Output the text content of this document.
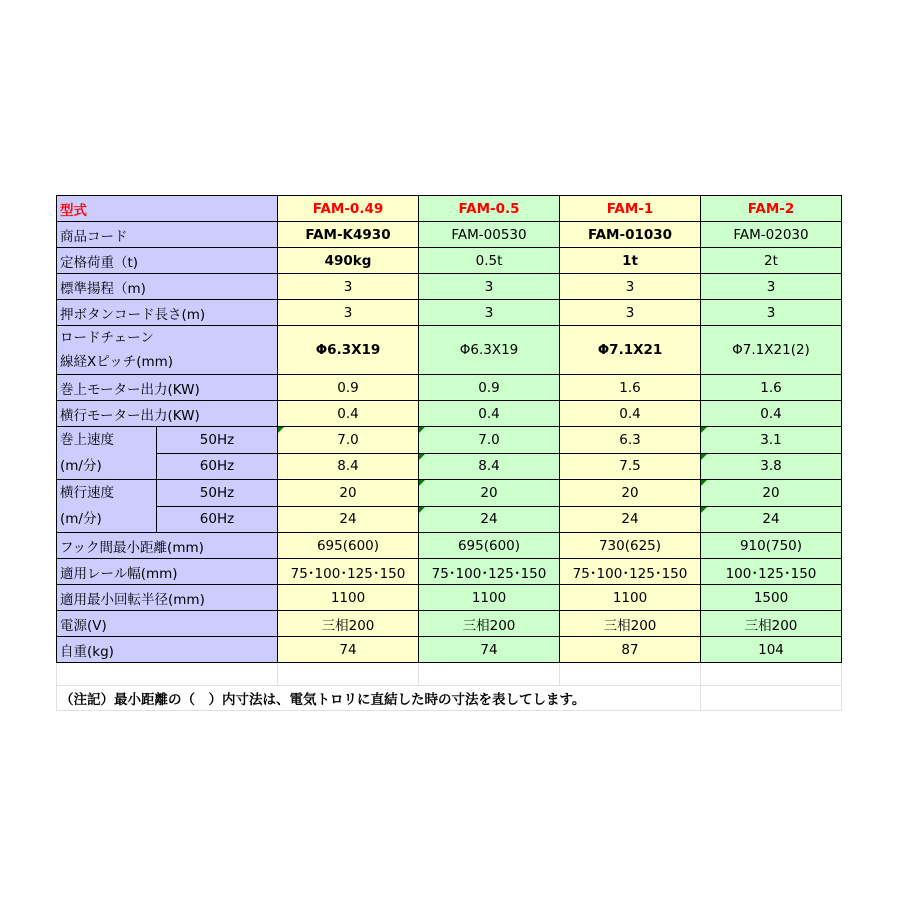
型式		FAM-0.49	FAM-0.5	FAM-1	FAM-2
商品コード		FAM-K4930	FAM-00530	FAM-01030	FAM-02030
定格荷重（t)		490kg	0.5t	1t	2t
標準揚程（m)		3	3	3	3
押ボタンコード長さ(m)		3	3	3	3

ロードチェーン
線経Xピッチ(mm)		Φ6.3X19	Φ6.3X19	Φ7.1X21	Φ7.1X21(2)
巻上モーター出力(KW)		0.9	0.9	1.6	1.6
横行モーター出力(KW)		0.4	0.4	0.4	0.4

巻上速度
(m/分)	50Hz	7.0	7.0	6.3	3.1
	60Hz	8.4	8.4	7.5	3.8

横行速度
(m/分)	50Hz	20	20	20	20
	60Hz	24	24	24	24
フック間最小距離(mm)		695(600)	695(600)	730(625)	910(750)
適用レール幅(mm)		75･100･125･150	75･100･125･150	75･100･125･150	100･125･150
適用最小回転半径(mm)		1100	1100	1100	1500
電源(V)		三相200	三相200	三相200	三相200
自重(kg)		74	74	87	104

（注記）最小距離の（　）内寸法は、電気トロリに直結した時の寸法を表してします。					
